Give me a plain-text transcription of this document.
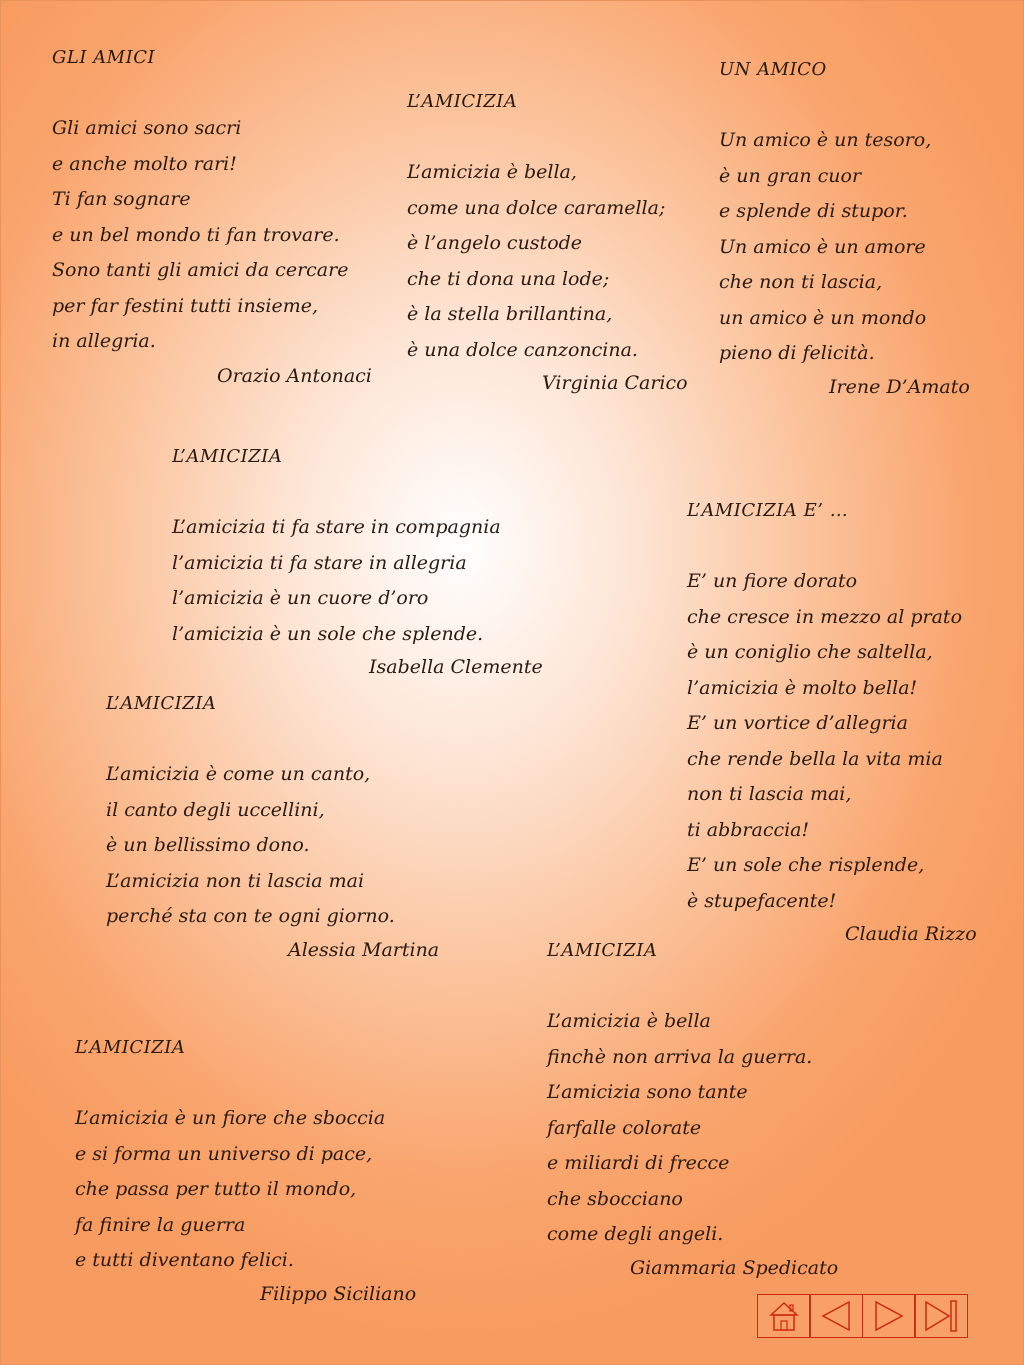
GLI AMICI
Gli amici sono sacri
e anche molto rari!
Ti fan sognare
e un bel mondo ti fan trovare.
Sono tanti gli amici da cercare
per far festini tutti insieme,
in allegria.
Orazio Antonaci
L’AMICIZIA
L’amicizia è bella,
come una dolce caramella;
è l’angelo custode
che ti dona una lode;
è la stella brillantina,
è una dolce canzoncina.
Virginia Carico
UN AMICO
Un amico è un tesoro,
è un gran cuor
e splende di stupor.
Un amico è un amore
che non ti lascia,
un amico è un mondo
pieno di felicità.
Irene D’Amato
L’AMICIZIA
L’amicizia ti fa stare in compagnia
l’amicizia ti fa stare in allegria
l’amicizia è un cuore d’oro
l’amicizia è un sole che splende.
Isabella Clemente
L’AMICIZIA E’ …
E’ un fiore dorato
che cresce in mezzo al prato
è un coniglio che saltella,
l’amicizia è molto bella!
E’ un vortice d’allegria
che rende bella la vita mia
non ti lascia mai,
ti abbraccia!
E’ un sole che risplende,
è stupefacente!
Claudia Rizzo
L’AMICIZIA
L’amicizia è come un canto,
il canto degli uccellini,
è un bellissimo dono.
L’amicizia non ti lascia mai
perché sta con te ogni giorno.
Alessia Martina	L’AMICIZIA
L’amicizia è bella
finchè non arriva la guerra.
L’amicizia sono tante
farfalle colorate
e miliardi di frecce
che sbocciano
come degli angeli.
Giammaria Spedicato
L’AMICIZIA
L’amicizia è un fiore che sboccia
e si forma un universo di pace,
che passa per tutto il mondo,
fa finire la guerra
e tutti diventano felici.
Filippo Siciliano
